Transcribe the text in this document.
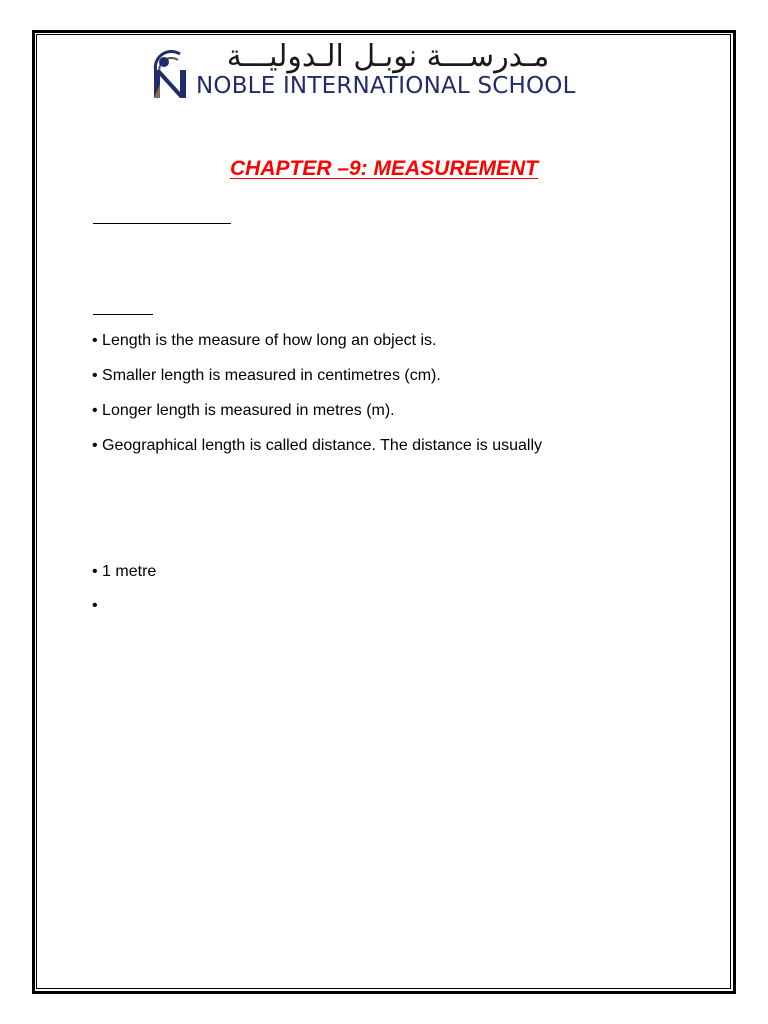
مـدرســـة نوبـل الـدوليـــة
NOBLE INTERNATIONAL SCHOOL
CHAPTER –9: MEASUREMENT
• Length is the measure of how long an object is.
• Smaller length is measured in centimetres (cm).
• Longer length is measured in metres (m).
• Geographical length is called distance. The distance is usually
• 1 metre
•
